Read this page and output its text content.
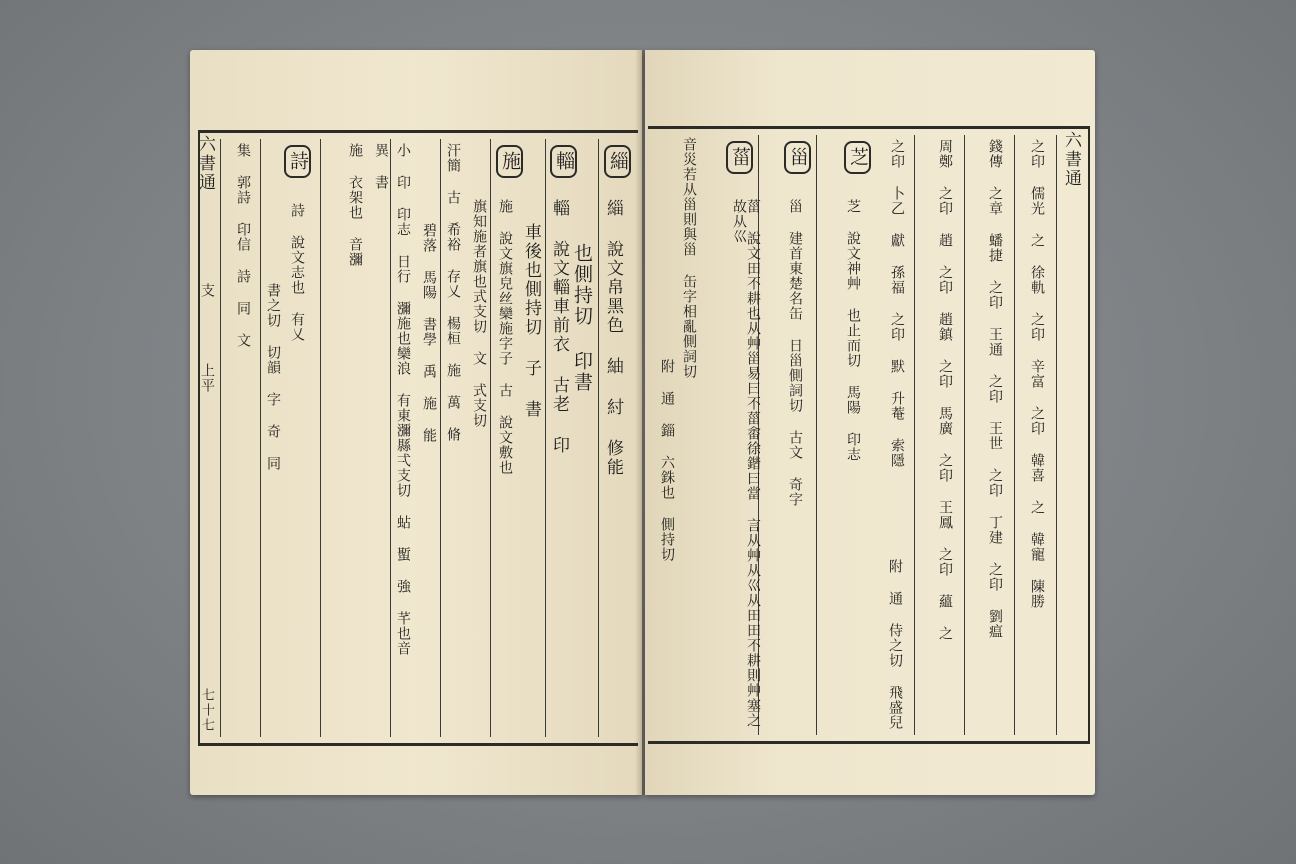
六書通
支
上平
七十七
緇
緇 說文帛黑色 紬 紂 修能
也側持切 印書
輜
輜 說文輜車前衣 古老 印
車後也側持切 子 書
施
施 說文旗皃丝欒施字子 古 說文敷也
旗知施者旗也式支切 文 式支切
汗簡 古 希裕 存乂 楊桓 施 萬 脩
碧落 馬陽 書學 禹 施 能
小 印 印志 日行 瀰施也欒浪 有東瀰縣弌支切 蛅 蟴 強 芊也音
異 書
施 衣架也 音瀰
詩
詩 說文志也 有乂
書之切 切韻 字 奇 同
集 郭詩 印信 詩 同 文	六書通
之印 儒光 之 徐軌 之印 辛富 之印 韓喜 之 韓寵 陳勝
錢傳 之章 蟠捷 之印 王通 之印 王世 之印 丁建 之印 劉瘟
周鄭 之印 趙 之印 趙鎮 之印 馬廣 之印 王鳳 之印 蘊 之
之印 卜乙 獻 孫福 之印 默 升菴 索隱
芝
芝 說文神艸 也止而切 馬陽 印志
附 通 侍之切 飛盛兒
甾
甾 建首東楚名缶 日甾側詞切 古文 奇字
菑
菑 說文田不耕也从艸甾易曰不菑畬徐鍇曰當 言从艸从巛从田田不耕則艸塞之故从巛
音災若从甾則與甾 缶字相亂側詞切
附 通 錙 六銖也 側持切
